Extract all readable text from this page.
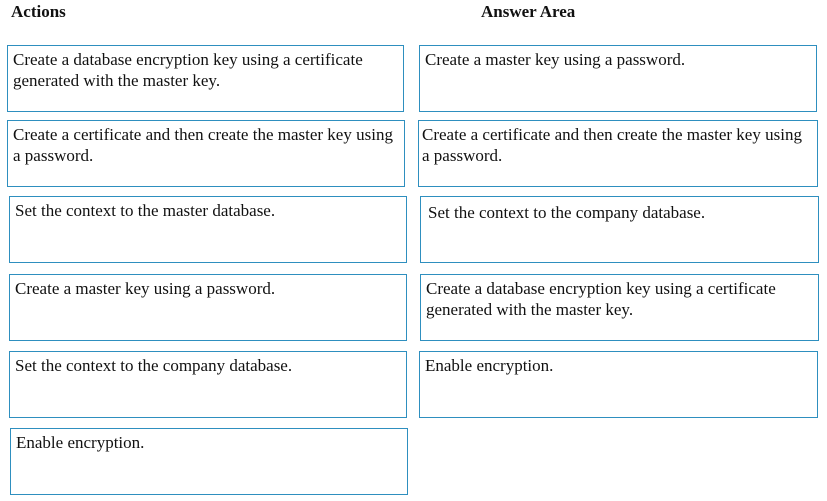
Actions	Answer Area
Create a database encryption key using a certificate generated with the master key.
Create a certificate and then create the master key using a password.
Set the context to the master database.
Create a master key using a password.
Set the context to the company database.
Enable encryption.
Create a master key using a password.
Create a certificate and then create the master key using a password.
Set the context to the company database.
Create a database encryption key using a certificate generated with the master key.
Enable encryption.
